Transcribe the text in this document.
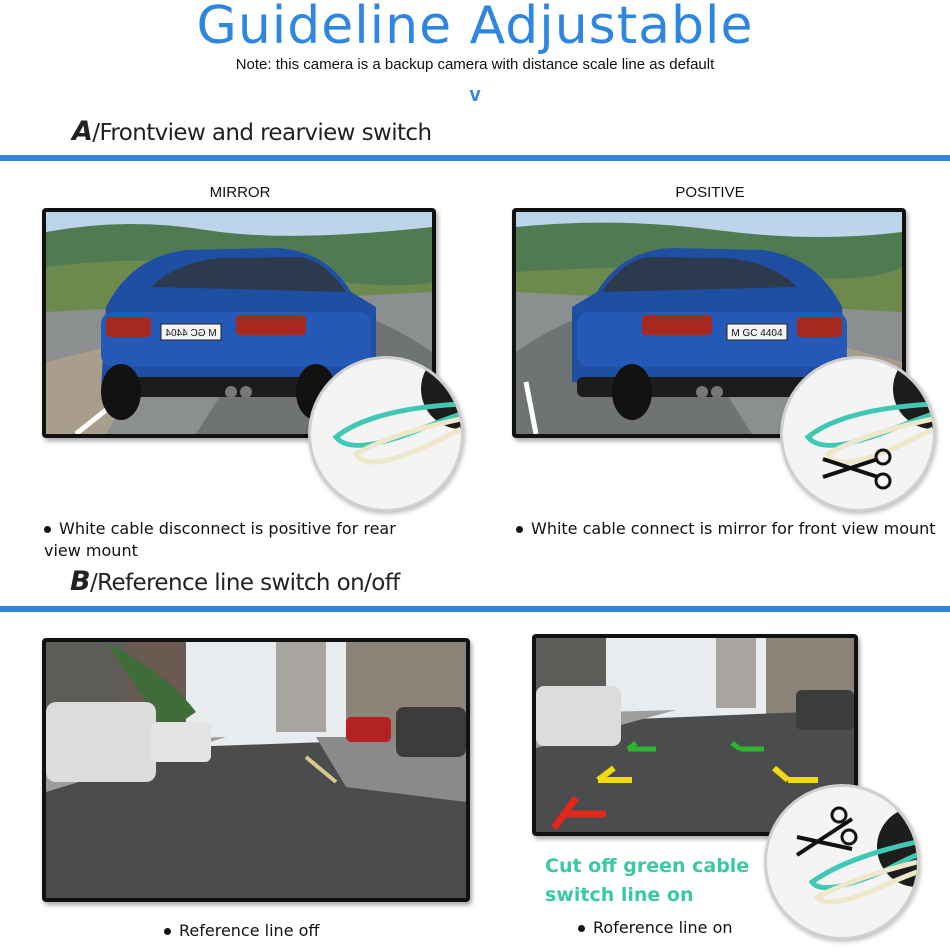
Guideline Adjustable
Note: this camera is a backup camera with distance scale line as default
v
A/Frontview and rearview switch
MIRROR	POSITIVE
M GC 4404	M GC 4404
White cable disconnect is positive for rear view mount
White cable connect is mirror for front view mount
B/Reference line switch on/off
Cut off green cable
switch line on
Reference line off	Roference line on
